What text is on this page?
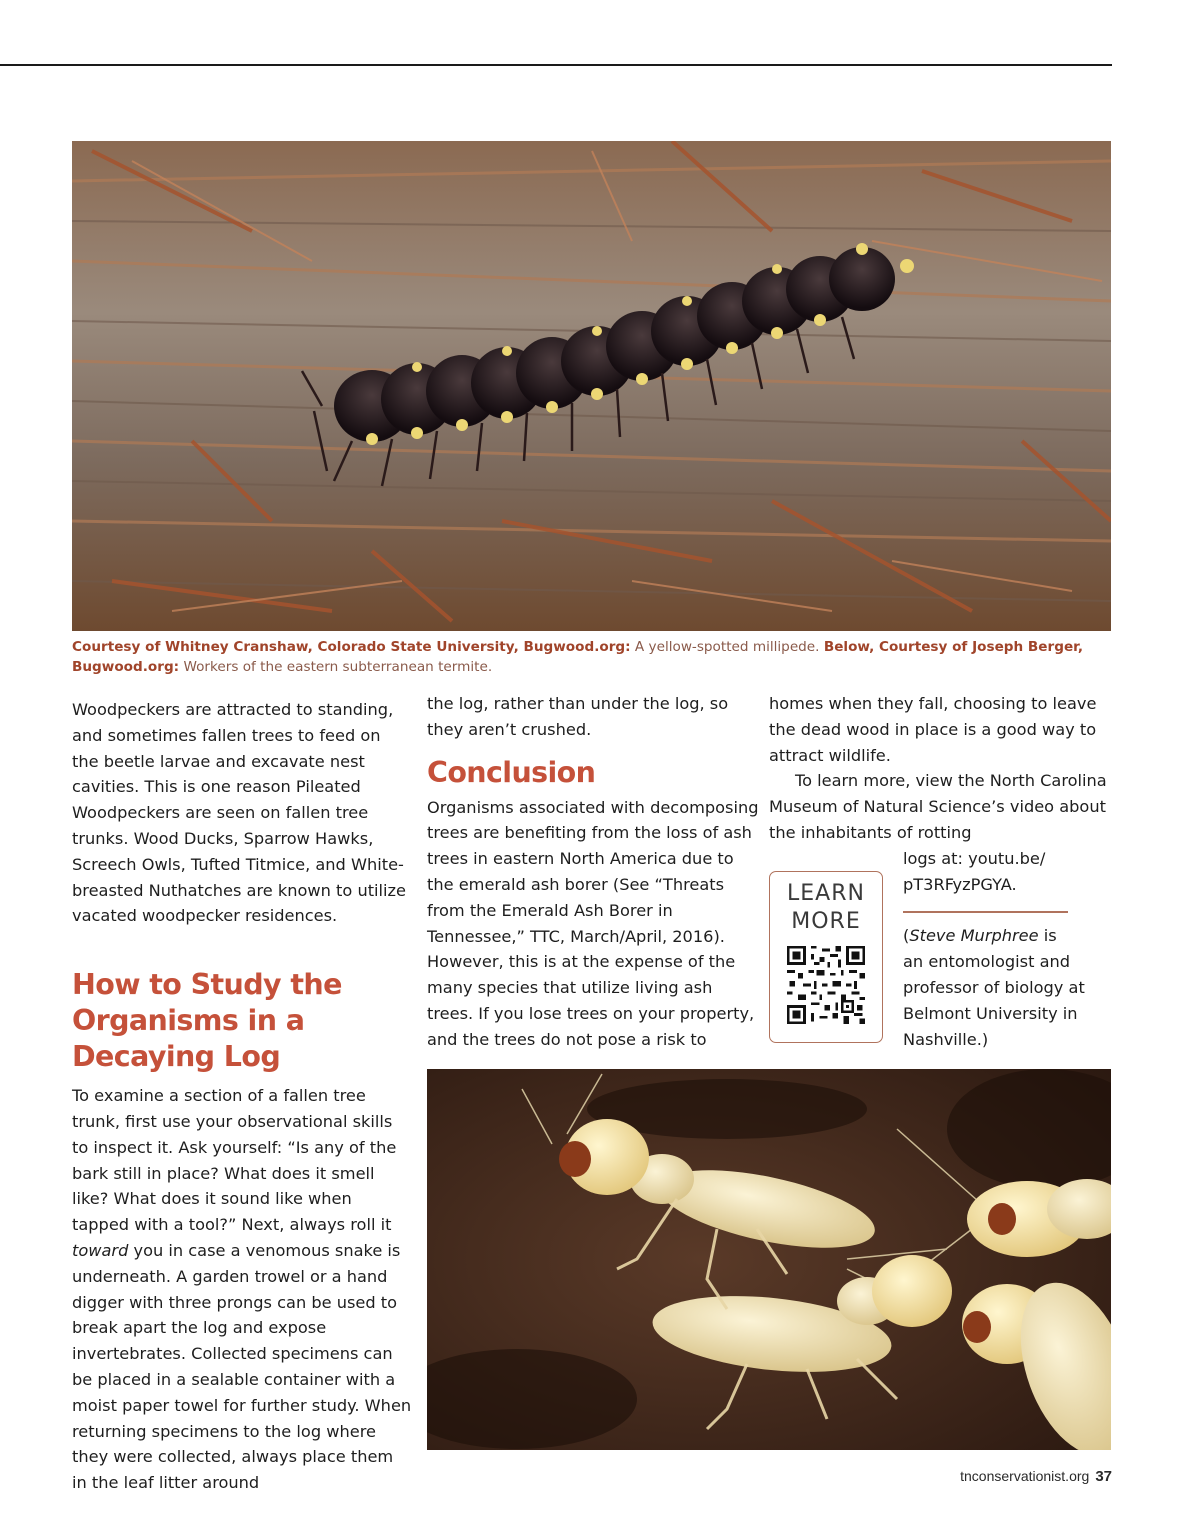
Courtesy of Whitney Cranshaw, Colorado State University, Bugwood.org: A yellow-spotted millipede. Below, Courtesy of Joseph Berger, Bugwood.org: Workers of the eastern subterranean termite.

Woodpeckers are attracted to standing, and sometimes fallen trees to feed on the beetle larvae and excavate nest cavities. This is one reason Pileated Woodpeckers are seen on fallen tree trunks. Wood Ducks, Sparrow Hawks, Screech Owls, Tufted Titmice, and White-breasted Nuthatches are known to utilize vacated woodpecker residences.

How to Study the Organisms in a Decaying Log

To examine a section of a fallen tree trunk, first use your observational skills to inspect it. Ask yourself: “Is any of the bark still in place? What does it smell like? What does it sound like when tapped with a tool?” Next, always roll it toward you in case a venomous snake is underneath. A garden trowel or a hand digger with three prongs can be used to break apart the log and expose invertebrates. Collected specimens can be placed in a sealable container with a moist paper towel for further study. When returning specimens to the log where they were collected, always place them in the leaf litter around

the log, rather than under the log, so they aren’t crushed.

Conclusion

Organisms associated with decomposing trees are benefiting from the loss of ash trees in eastern North America due to the emerald ash borer (See “Threats from the Emerald Ash Borer in Tennessee,” TTC, March/April, 2016). However, this is at the expense of the many species that utilize living ash trees. If you lose trees on your property, and the trees do not pose a risk to

homes when they fall, choosing to leave the dead wood in place is a good way to attract wildlife.

To learn more, view the North Carolina Museum of Natural Science’s video about the inhabitants of rotting

logs at: youtu.be/
pT3RFyzPGYA.

(Steve Murphree is
an entomologist and
professor of biology at
Belmont University in
Nashville.)

LEARN
MORE
tnconservationist.org 37
